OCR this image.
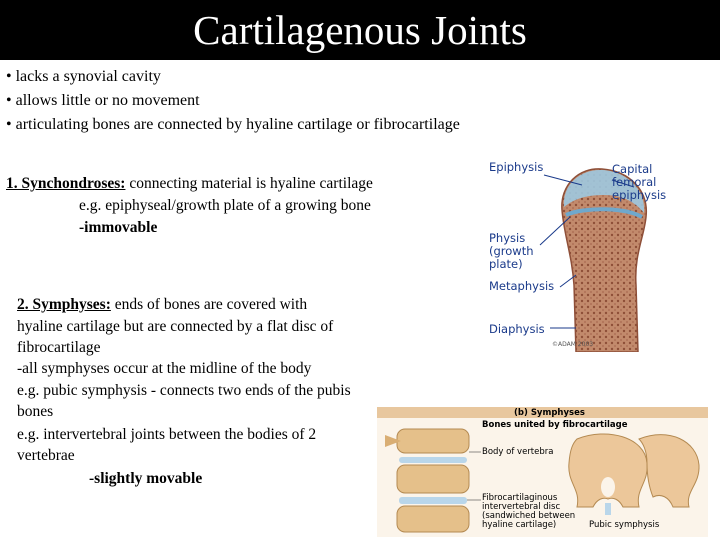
Cartilagenous Joints
• lacks a synovial cavity
• allows little or no movement
• articulating bones are connected by hyaline cartilage or fibrocartilage
1. Synchondroses: connecting material is hyaline cartilage
e.g. epiphyseal/growth plate of a growing bone
-immovable
2. Symphyses: ends of bones are covered with
hyaline cartilage but are connected by a flat disc of
fibrocartilage
-all symphyses occur at the midline of the body
e.g. pubic symphysis - connects two ends of the pubis
bones
e.g. intervertebral joints between the bodies of 2
vertebrae
-slightly movable
Epiphysis	Capital
femoral
epiphysis
Physis
(growth
plate)
Metaphysis
Diaphysis
©ADAM 2003
(b) Symphyses
Bones united by fibrocartilage
Body of vertebra
Fibrocartilaginous
intervertebral disc
(sandwiched between
hyaline cartilage)	Pubic symphysis
